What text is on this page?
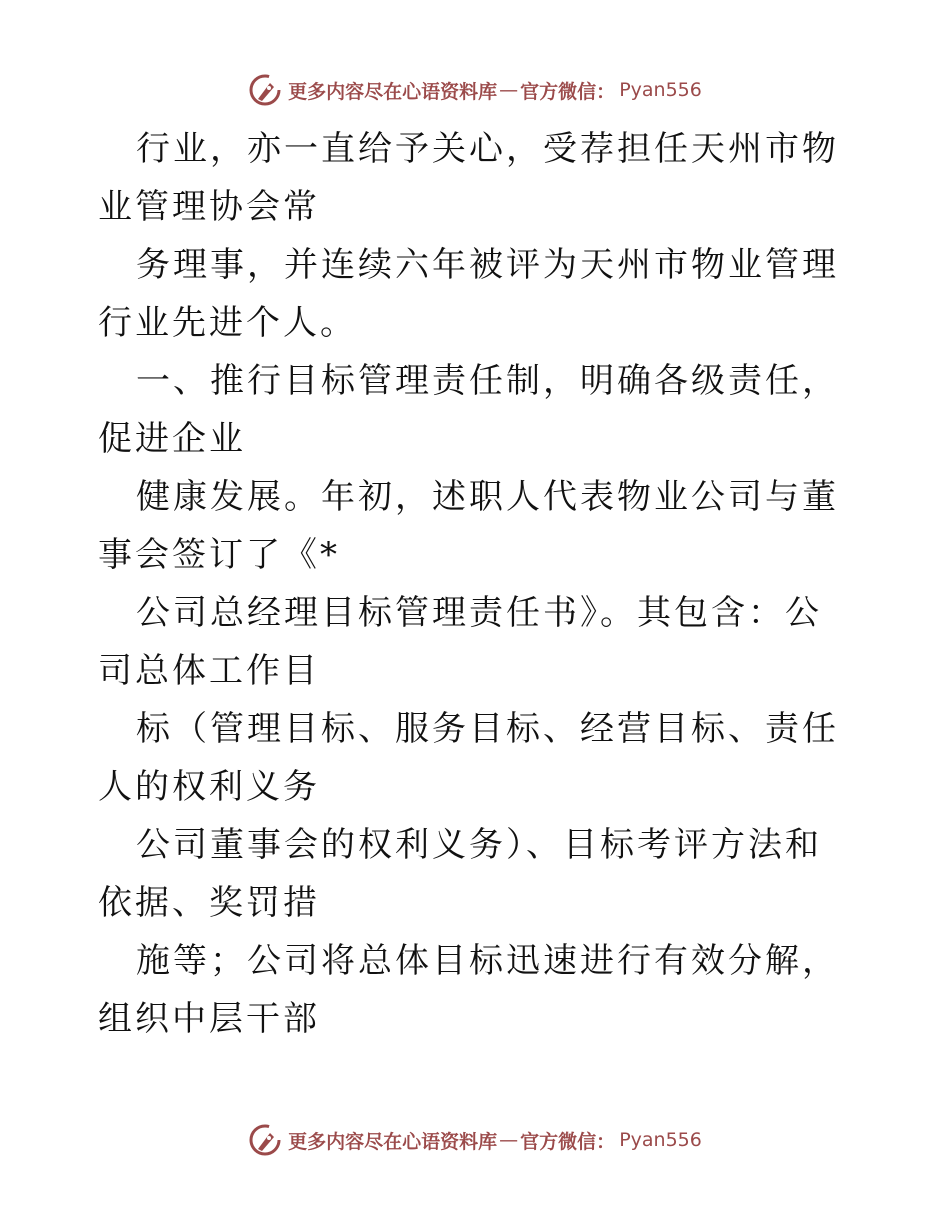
更多内容尽在心语资料库 — 官方微信： Pyan556

行业，亦一直给予关心，受荐担任天州市物业管理协会常

务理事，并连续六年被评为天州市物业管理行业先进个人。

一、推行目标管理责任制，明确各级责任，促进企业

健康发展。年初，述职人代表物业公司与董事会签订了《*

公司总经理目标管理责任书》。其包含：公司总体工作目

标（管理目标、服务目标、经营目标、责任人的权利义务

公司董事会的权利义务）、目标考评方法和依据、奖罚措

施等；公司将总体目标迅速进行有效分解，组织中层干部

更多内容尽在心语资料库 — 官方微信： Pyan556
